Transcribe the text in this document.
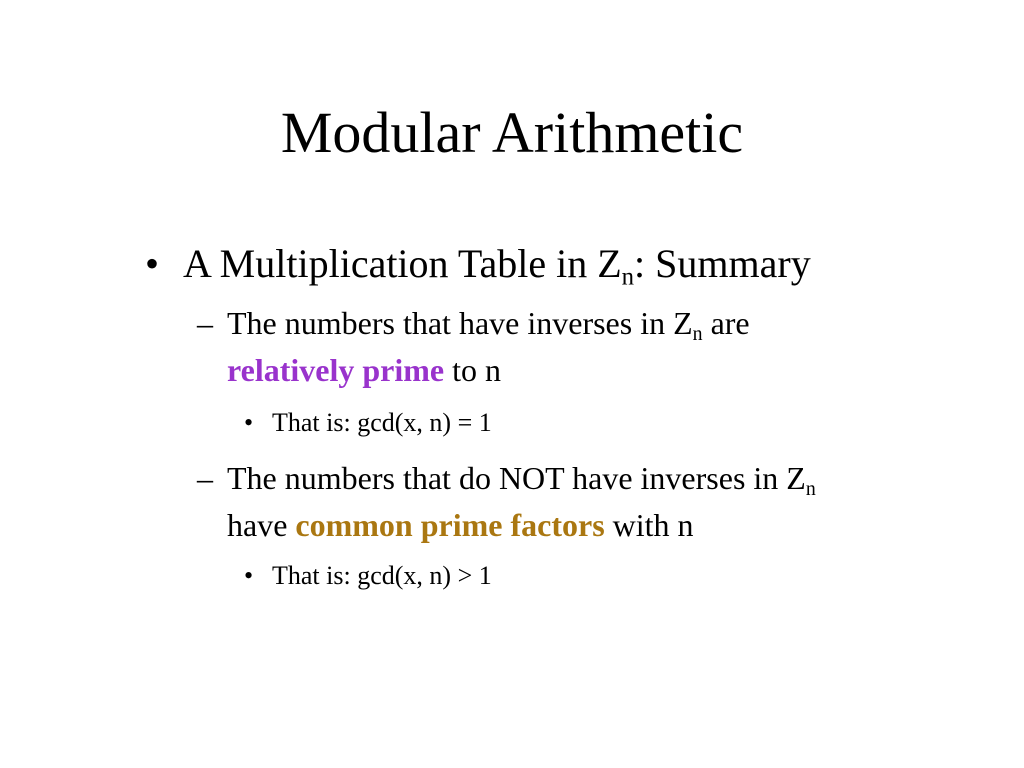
Modular Arithmetic
• A Multiplication Table in $Z_n$: Summary
– The numbers that have inverses in $Z_n$ are
relatively prime to n
• That is: gcd(x, n) = 1
– The numbers that do NOT have inverses in $Z_n$
have common prime factors with n
• That is: gcd(x, n) > 1
